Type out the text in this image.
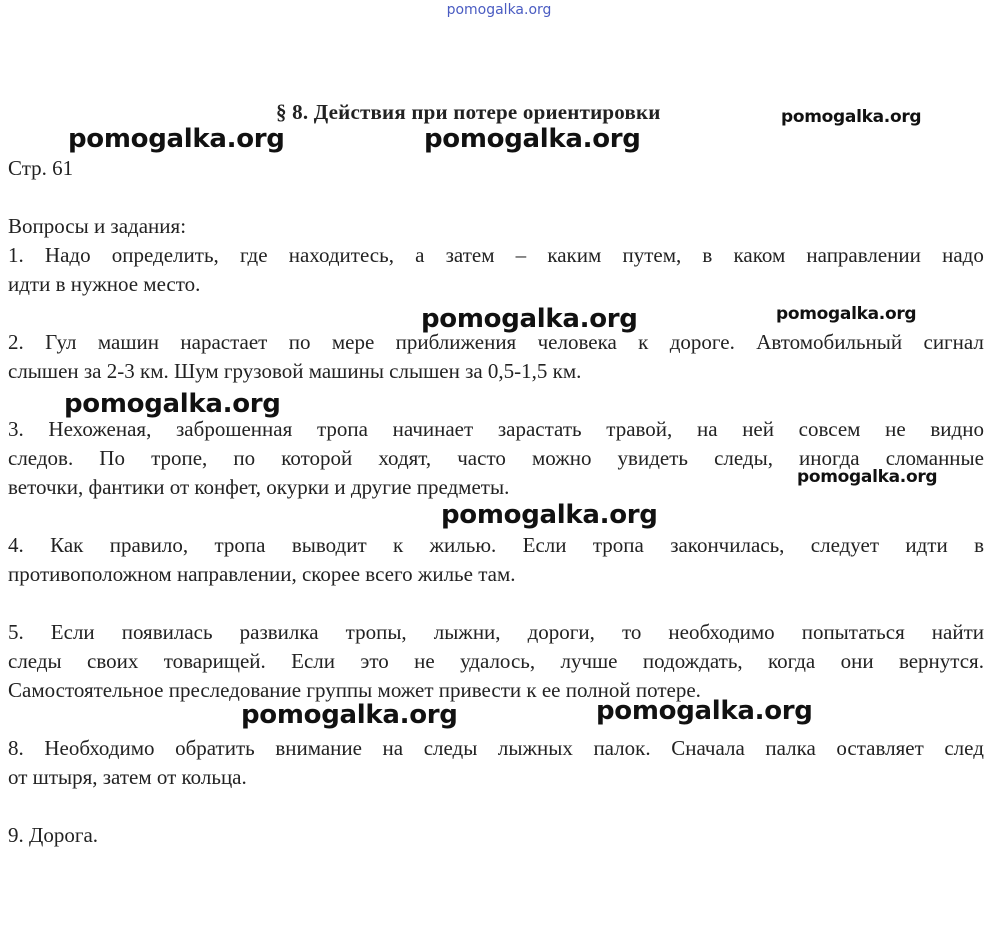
pomogalka.org
§ 8. Действия при потере ориентировки
Стр. 61
Вопросы и задания:
1. Надо определить, где находитесь, а затем – каким путем, в каком направлении надо
идти в нужное место.
2. Гул машин нарастает по мере приближения человека к дороге. Автомобильный сигнал
слышен за 2-3 км. Шум грузовой машины слышен за 0,5-1,5 км.
3. Нехоженая, заброшенная тропа начинает зарастать травой, на ней совсем не видно
следов. По тропе, по которой ходят, часто можно увидеть следы, иногда сломанные
веточки, фантики от конфет, окурки и другие предметы.
4. Как правило, тропа выводит к жилью. Если тропа закончилась, следует идти в
противоположном направлении, скорее всего жилье там.
5. Если появилась развилка тропы, лыжни, дороги, то необходимо попытаться найти
следы своих товарищей. Если это не удалось, лучше подождать, когда они вернутся.
Самостоятельное преследование группы может привести к ее полной потере.
8. Необходимо обратить внимание на следы лыжных палок. Сначала палка оставляет след
от штыря, затем от кольца.
9. Дорога.
pomogalka.org	pomogalka.org
pomogalka.org
pomogalka.org	pomogalka.org
pomogalka.org
pomogalka.org
pomogalka.org
pomogalka.org	pomogalka.org
